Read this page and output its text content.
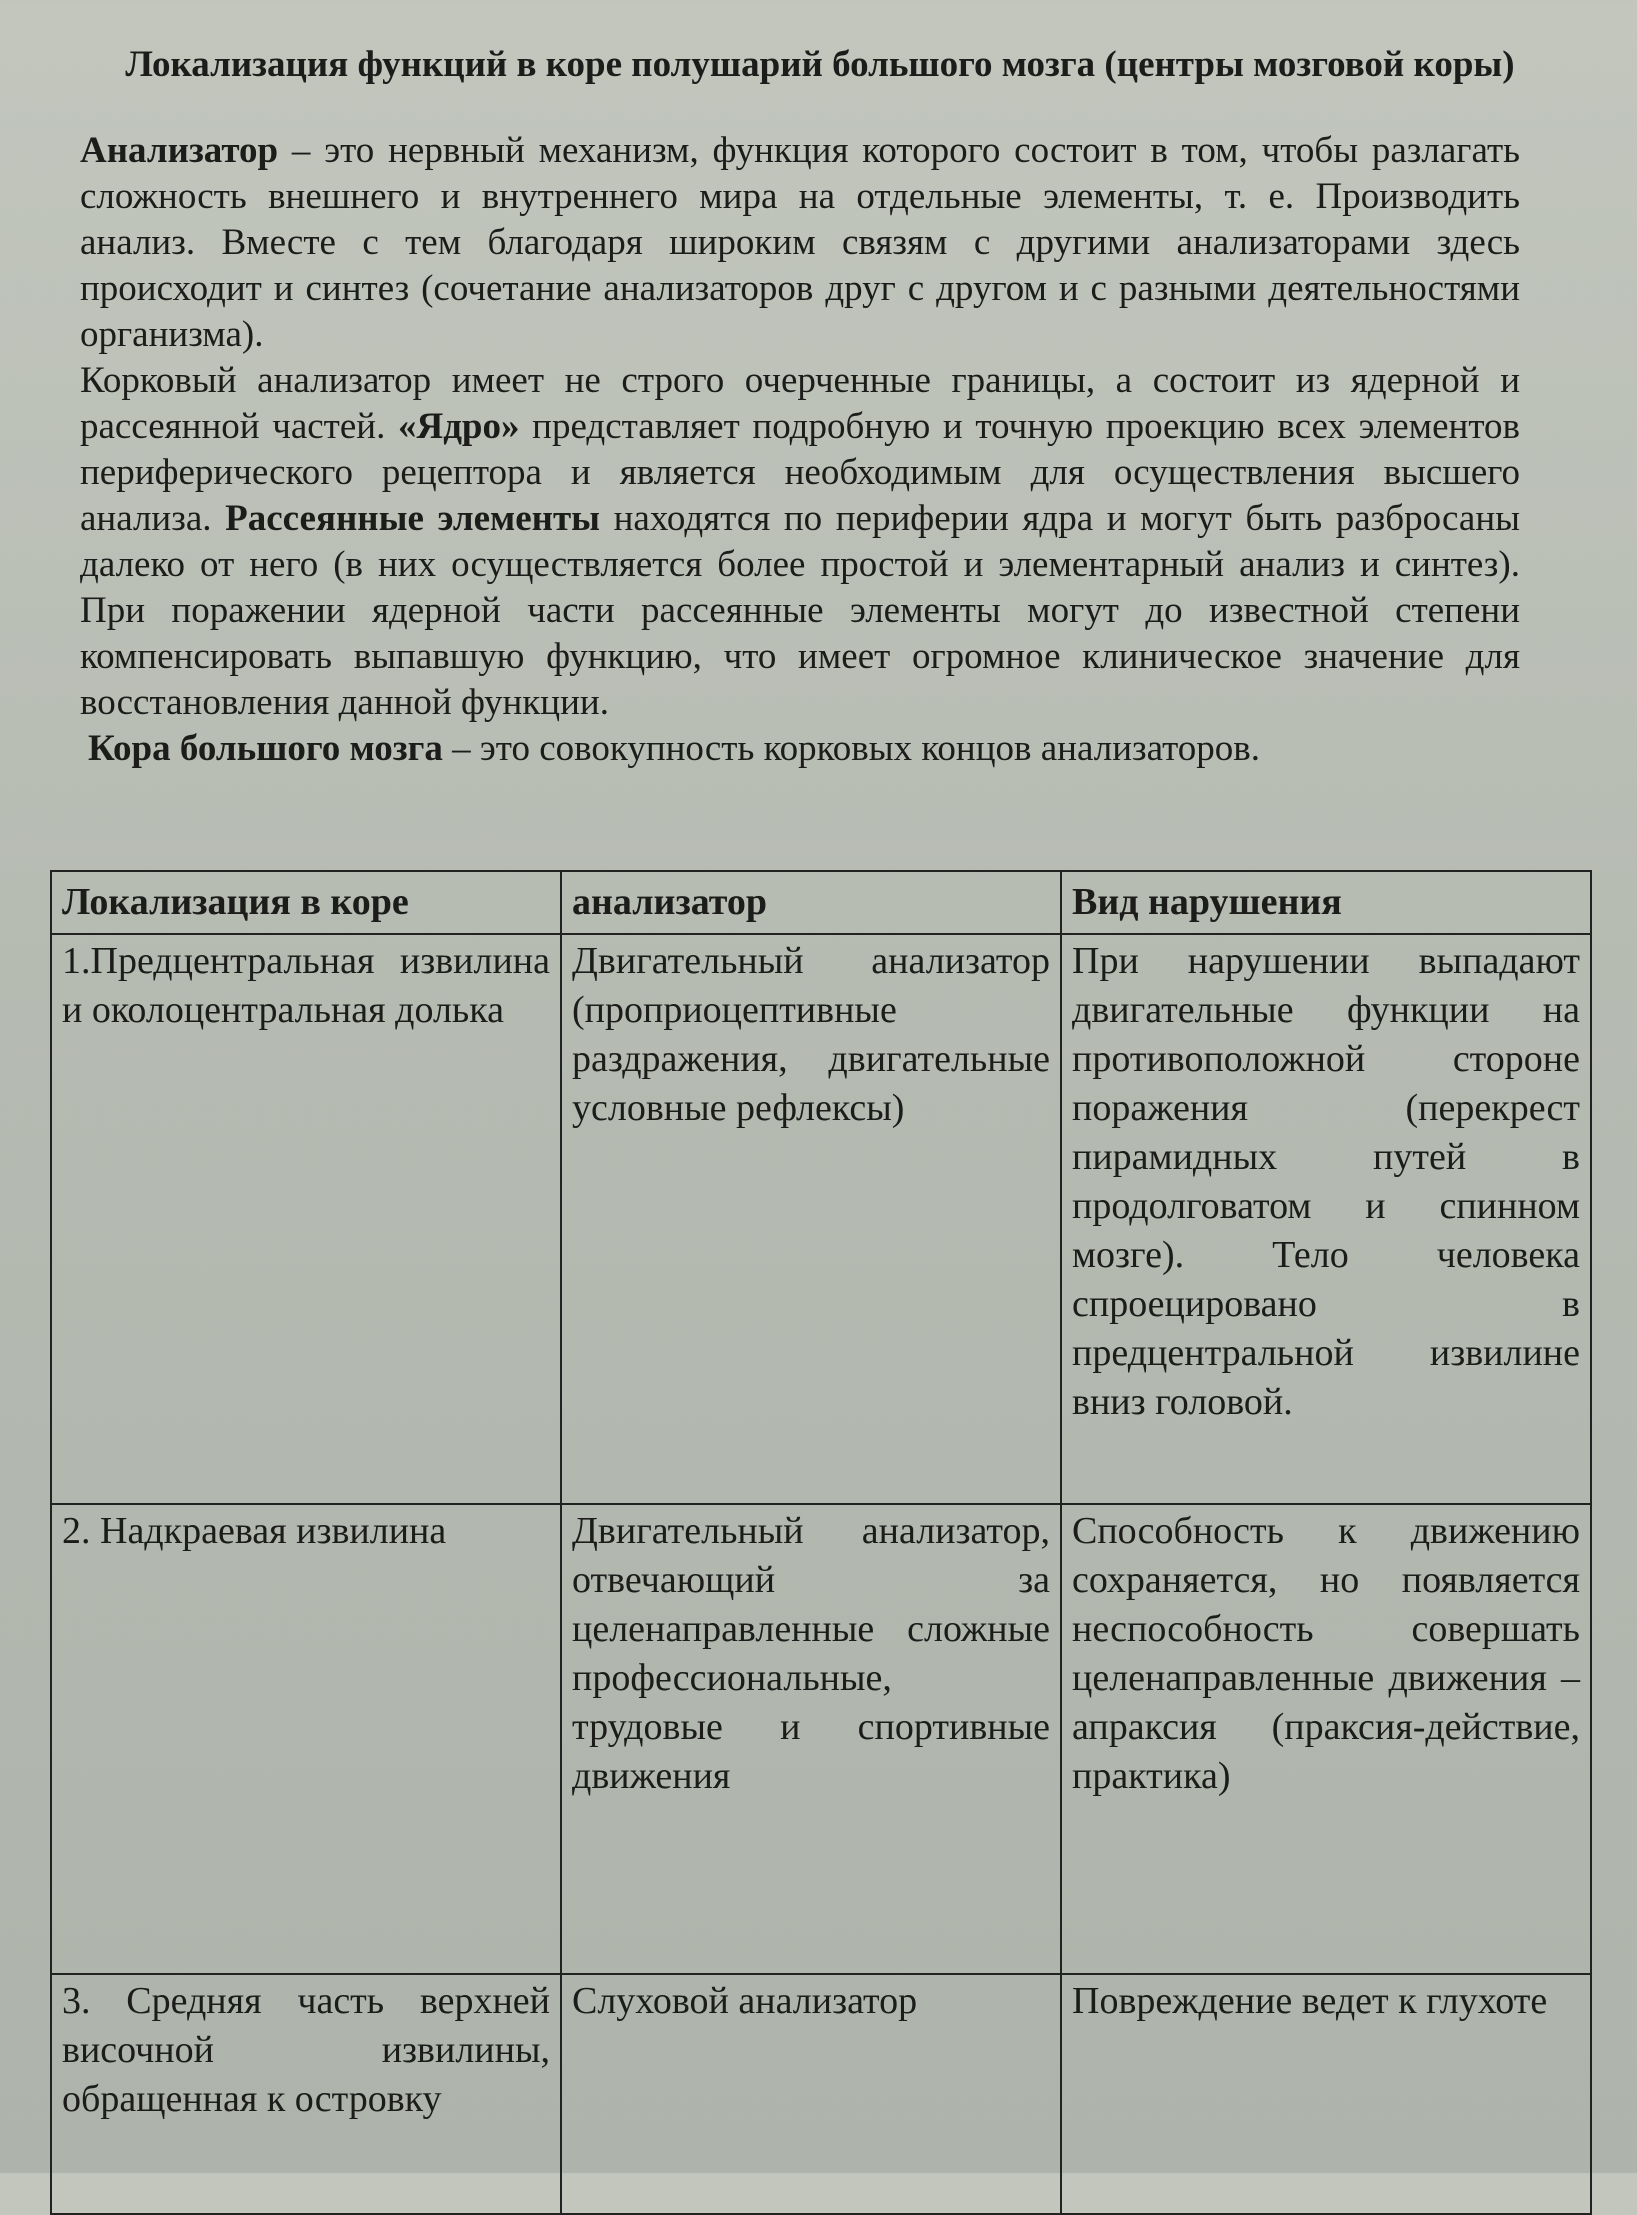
Локализация функций в коре полушарий большого мозга (центры мозговой коры)

Анализатор – это нервный механизм, функция которого состоит в том, чтобы разлагать сложность внешнего и внутреннего мира на отдельные элементы, т. е. Производить анализ. Вместе с тем благодаря широким связям с другими анализаторами здесь происходит и синтез (сочетание анализаторов друг с другом и с разными деятельностями организма).

Корковый анализатор имеет не строго очерченные границы, а состоит из ядерной и рассеянной частей. «Ядро» представляет подробную и точную проекцию всех элементов периферического рецептора и является необходимым для осуществления высшего анализа. Рассеянные элементы находятся по периферии ядра и могут быть разбросаны далеко от него (в них осуществляется более простой и элементарный анализ и синтез). При поражении ядерной части рассеянные элементы могут до известной степени компенсировать выпавшую функцию, что имеет огромное клиническое значение для восстановления данной функции.

Кора большого мозга – это совокупность корковых концов анализаторов.

Локализация в коре	анализатор	Вид нарушения
1.Предцентральная извилина и околоцентральная долька	Двигательный анализатор (проприоцептивные раздражения, двигательные условные рефлексы)	При нарушении выпадают двигательные функции на противоположной стороне поражения (перекрест пирамидных путей в продолговатом и спинном мозге). Тело человека спроецировано в предцентральной извилине вниз головой.
2. Надкраевая извилина	Двигательный анализатор, отвечающий за целенаправленные сложные профессиональные, трудовые и спортивные движения	Способность к движению сохраняется, но появляется неспособность совершать целенаправленные движения – апраксия (праксия-действие, практика)
3. Средняя часть верхней височной извилины, обращенная к островку	Слуховой анализатор	Повреждение ведет к глухоте
